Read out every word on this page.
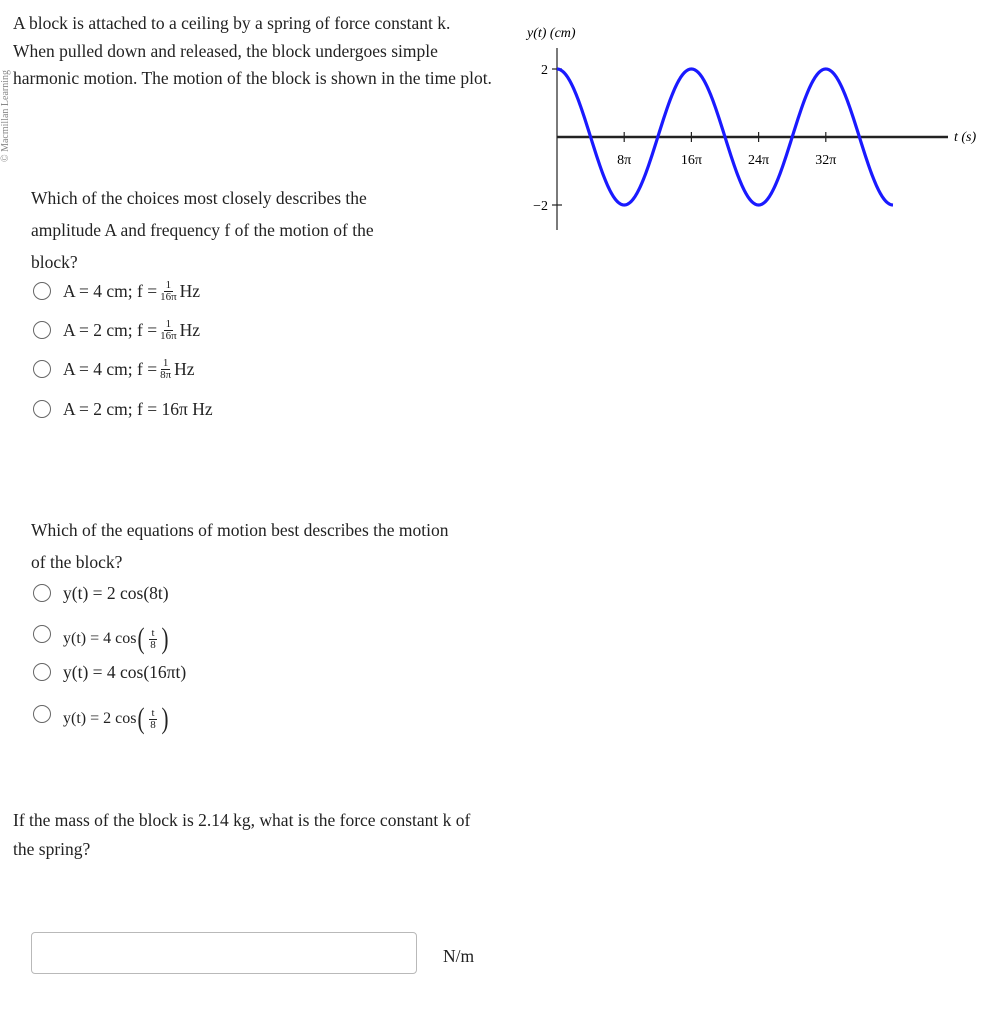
© Macmillan Learning
A block is attached to a ceiling by a spring of force constant k. When pulled down and released, the block undergoes simple harmonic motion. The motion of the block is shown in the time plot.	2
−2
8π	16π	24π	32π
y(t) (cm)
t (s)
Which of the choices most closely describes the amplitude A and frequency f of the motion of the block?
A = 4 cm; $f = \frac{1}{16\pi}$ Hz
A = 2 cm; $f = \frac{1}{16\pi}$ Hz
A = 4 cm; $f = \frac{1}{8\pi}$ Hz
A = 2 cm; f = 16π Hz
Which of the equations of motion best describes the motion of the block?
y(t) = 2 cos(8t)
y(t) = 4 cos ( $\frac{t}{8}$ )
y(t) = 4 cos(16πt)
y(t) = 2 cos ( $\frac{t}{8}$ )
If the mass of the block is 2.14 kg, what is the force constant k of the spring?
N/m
